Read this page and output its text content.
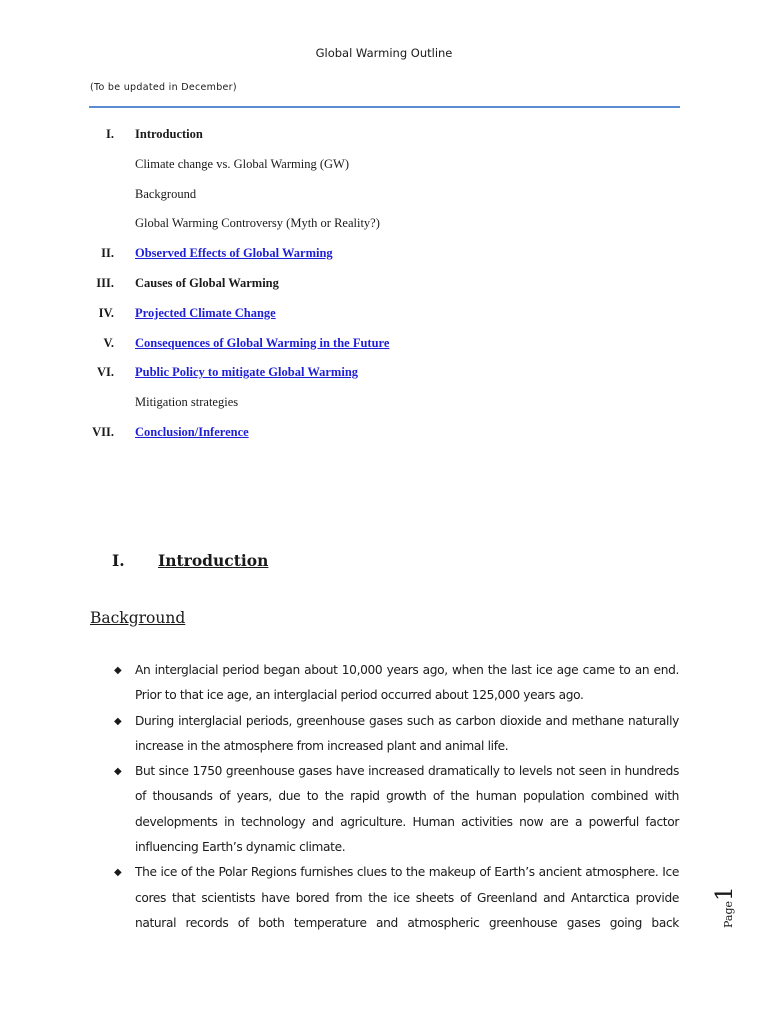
Global Warming Outline
(To be updated in December)
I. Introduction
Climate change vs. Global Warming (GW)
Background
Global Warming Controversy (Myth or Reality?)
II. Observed Effects of Global Warming
III. Causes of Global Warming
IV. Projected Climate Change
V. Consequences of Global Warming in the Future
VI. Public Policy to mitigate Global Warming
Mitigation strategies
VII. Conclusion/Inference
I. Introduction
Background
◆ An interglacial period began about 10,000 years ago, when the last ice age came to an end. Prior to that ice age, an interglacial period occurred about 125,000 years ago.
◆ During interglacial periods, greenhouse gases such as carbon dioxide and methane naturally increase in the atmosphere from increased plant and animal life.
◆ But since 1750 greenhouse gases have increased dramatically to levels not seen in hundreds of thousands of years, due to the rapid growth of the human population combined with developments in technology and agriculture. Human activities now are a powerful factor influencing Earth’s dynamic climate.
◆ The ice of the Polar Regions furnishes clues to the makeup of Earth’s ancient atmosphere. Ice cores that scientists have bored from the ice sheets of Greenland and Antarctica provide natural records of both temperature and atmospheric greenhouse gases going back	Page1
